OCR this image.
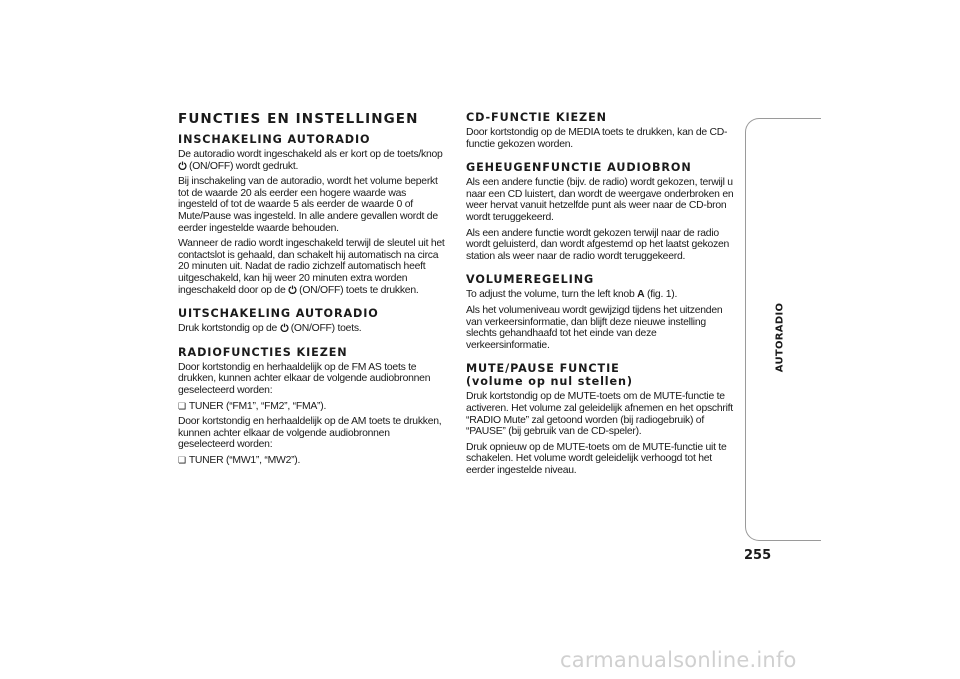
FUNCTIES EN INSTELLINGEN
INSCHAKELING AUTORADIO

De autoradio wordt ingeschakeld als er kort op de toets/knop
(ON/OFF) wordt gedrukt.

Bij inschakeling van de autoradio, wordt het volume beperkt tot de waarde 20 als eerder een hogere waarde was ingesteld of tot de waarde 5 als eerder de waarde 0 of Mute/Pause was ingesteld. In alle andere gevallen wordt de eerder ingestelde waarde behouden.

Wanneer de radio wordt ingeschakeld terwijl de sleutel uit het contactslot is gehaald, dan schakelt hij automatisch na circa 20 minuten uit. Nadat de radio zichzelf automatisch heeft uitgeschakeld, kan hij weer 20 minuten extra worden ingeschakeld door op de (ON/OFF) toets te drukken.

UITSCHAKELING AUTORADIO

Druk kortstondig op de (ON/OFF) toets.

RADIOFUNCTIES KIEZEN

Door kortstondig en herhaaldelijk op de FM AS toets te drukken, kunnen achter elkaar de volgende audiobronnen geselecteerd worden:

❏ TUNER (“FM1”, “FM2”, “FMA”).

Door kortstondig en herhaaldelijk op de AM toets te drukken, kunnen achter elkaar de volgende audiobronnen geselecteerd worden:

❏ TUNER (“MW1”, “MW2”).

CD-FUNCTIE KIEZEN

Door kortstondig op de MEDIA toets te drukken, kan de CD-functie gekozen worden.

GEHEUGENFUNCTIE AUDIOBRON

Als een andere functie (bijv. de radio) wordt gekozen, terwijl u naar een CD luistert, dan wordt de weergave onderbroken en weer hervat vanuit hetzelfde punt als weer naar de CD-bron wordt teruggekeerd.

Als een andere functie wordt gekozen terwijl naar de radio wordt geluisterd, dan wordt afgestemd op het laatst gekozen station als weer naar de radio wordt teruggekeerd.

VOLUMEREGELING

To adjust the volume, turn the left knob A (fig. 1).

Als het volumeniveau wordt gewijzigd tijdens het uitzenden van verkeersinformatie, dan blijft deze nieuwe instelling slechts gehandhaafd tot het einde van deze verkeersinformatie.

MUTE/PAUSE FUNCTIE
(volume op nul stellen)

Druk kortstondig op de MUTE-toets om de MUTE-functie te activeren. Het volume zal geleidelijk afnemen en het opschrift “RADIO Mute” zal getoond worden (bij radiogebruik) of “PAUSE” (bij gebruik van de CD-speler).

Druk opnieuw op de MUTE-toets om de MUTE-functie uit te schakelen. Het volume wordt geleidelijk verhoogd tot het eerder ingestelde niveau.

AUTORADIO
255
carmanualsonline.info
